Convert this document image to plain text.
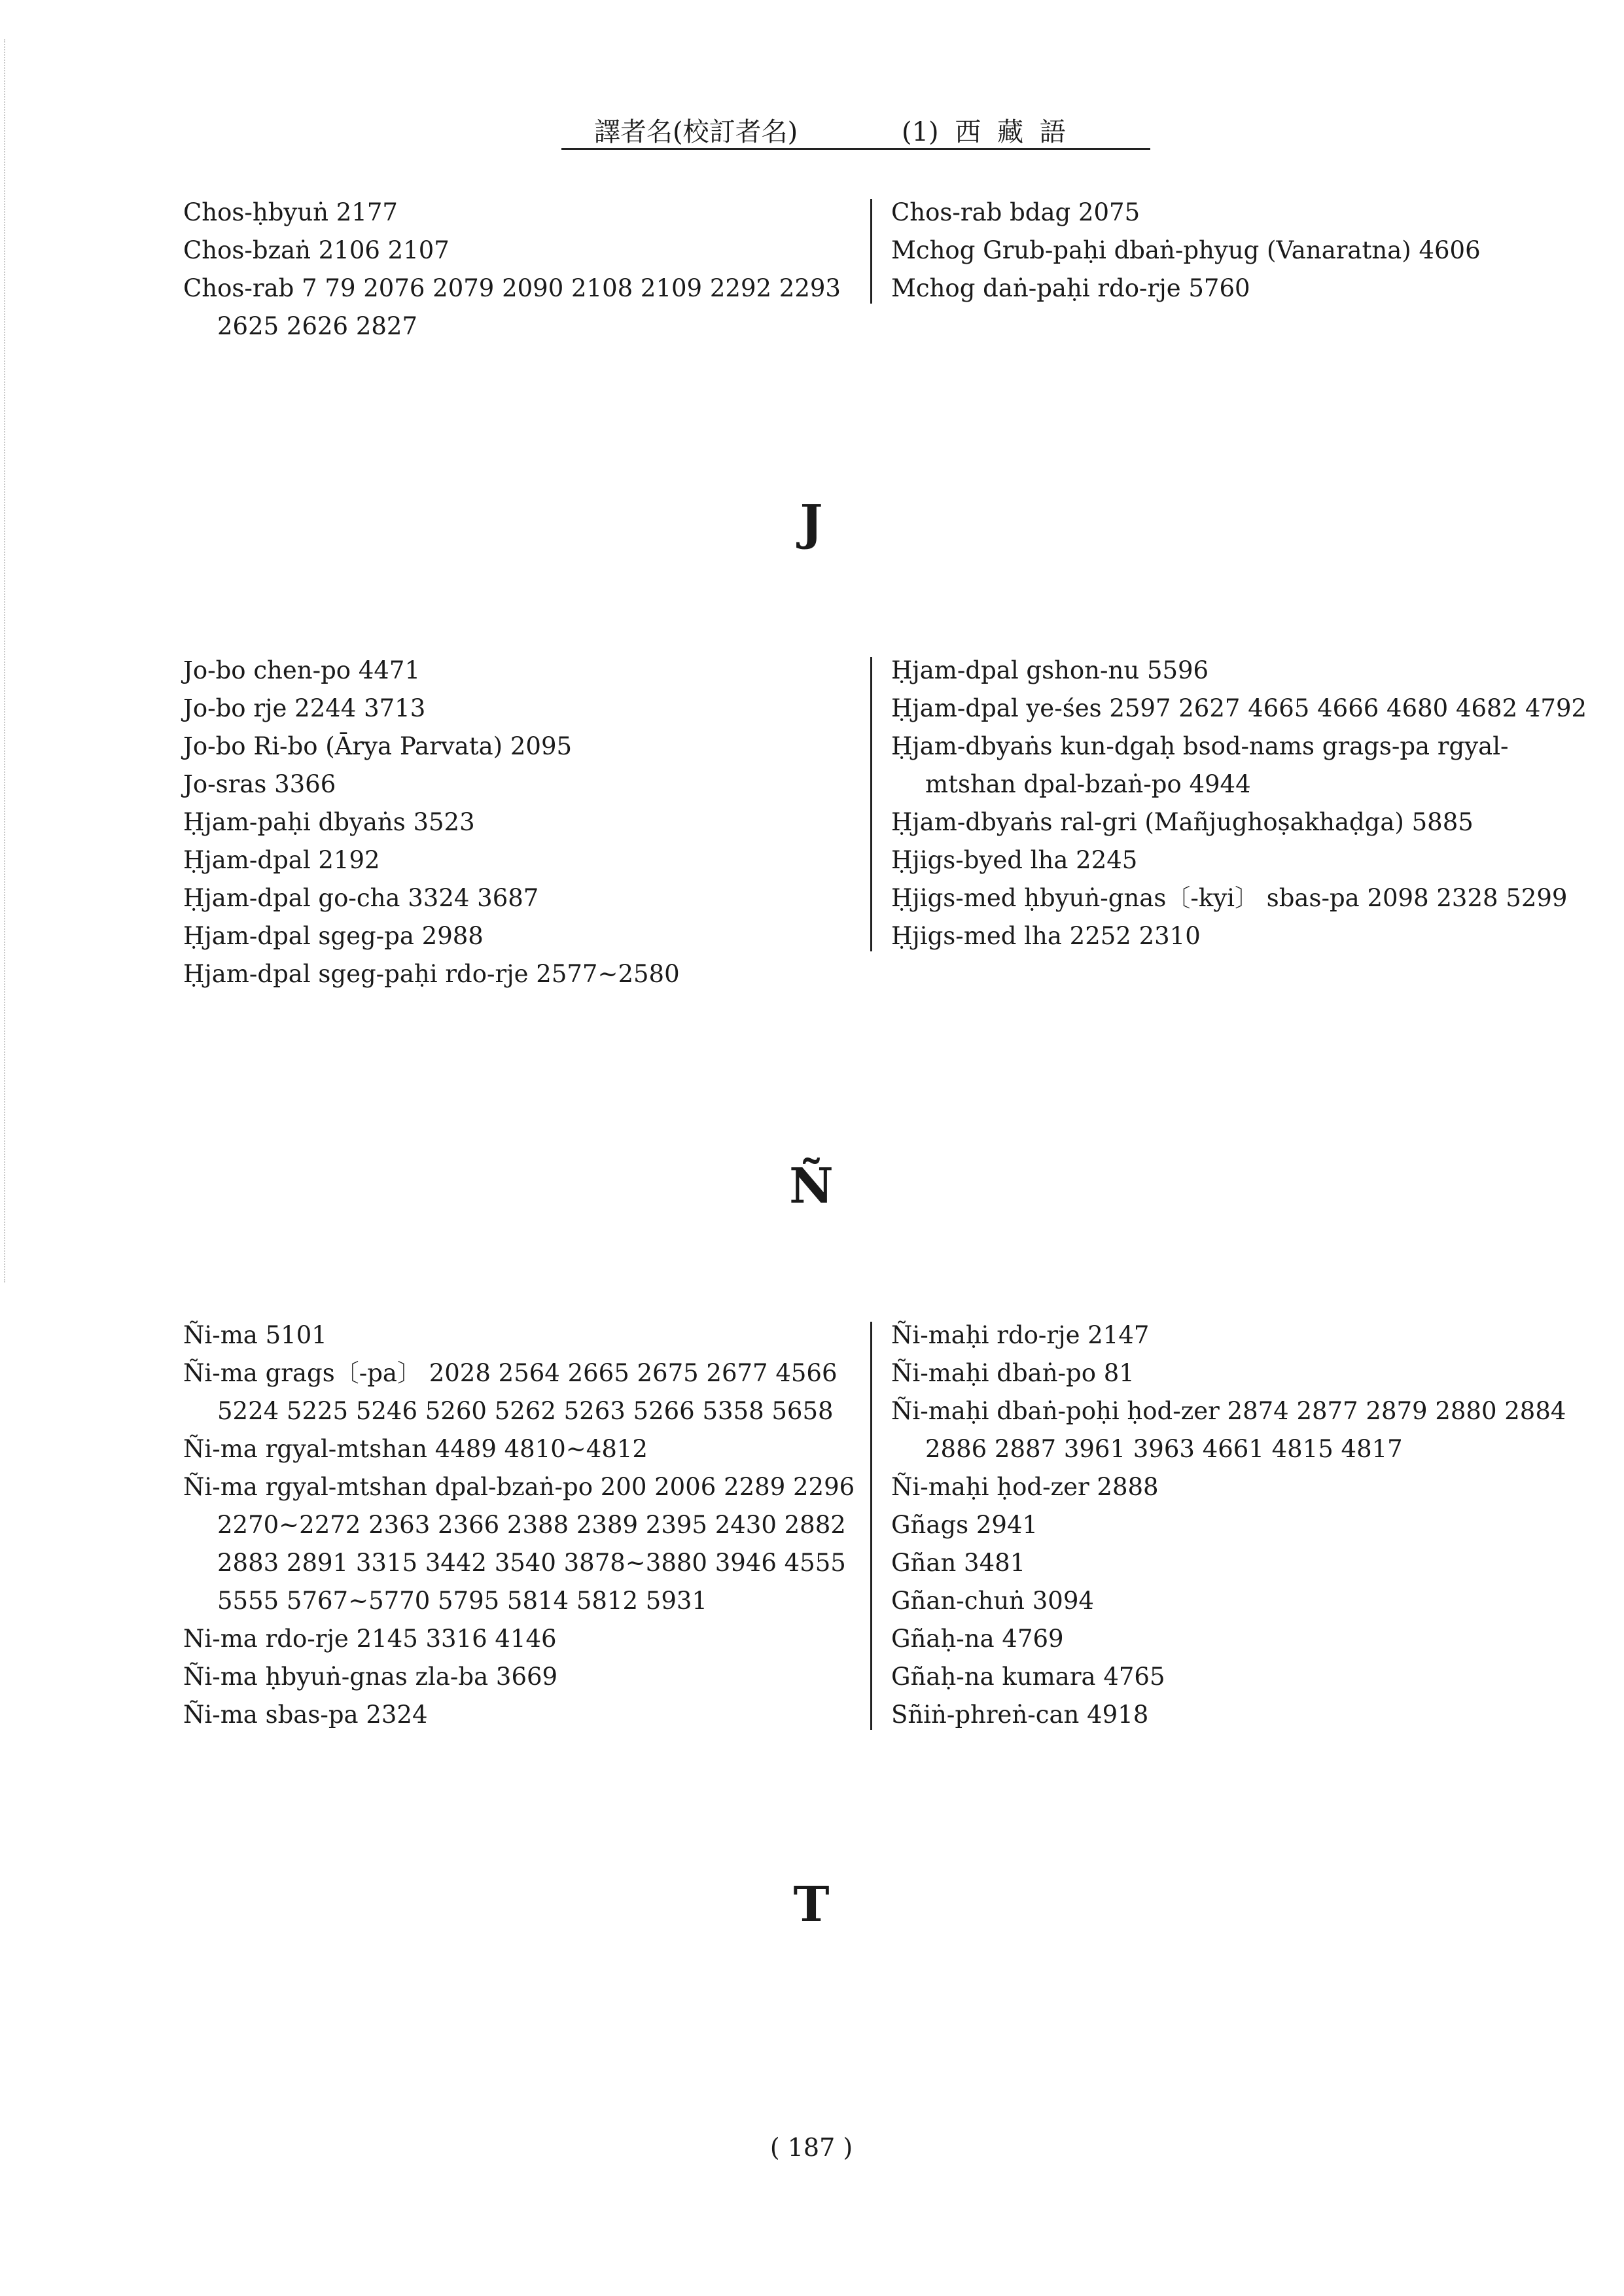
譯者名(校訂者名)	(1) 西 藏 語
Chos-ḥbyuṅ 2177
Chos-bzaṅ 2106 2107
Chos-rab 7 79 2076 2079 2090 2108 2109 2292 2293 2625 2626 2827
Chos-rab bdag 2075
Mchog Grub-paḥi dbaṅ-phyug (Vanaratna) 4606
Mchog daṅ-paḥi rdo-rje 5760
J
Jo-bo chen-po 4471
Jo-bo rje 2244 3713
Jo-bo Ri-bo (Ārya Parvata) 2095
Jo-sras 3366
Ḥjam-paḥi dbyaṅs 3523
Ḥjam-dpal 2192
Ḥjam-dpal go-cha 3324 3687
Ḥjam-dpal sgeg-pa 2988
Ḥjam-dpal sgeg-paḥi rdo-rje 2577~2580
Ḥjam-dpal gshon-nu 5596
Ḥjam-dpal ye-śes 2597 2627 4665 4666 4680 4682 4792
Ḥjam-dbyaṅs kun-dgaḥ bsod-nams grags-pa rgyal-mtshan dpal-bzaṅ-po 4944
Ḥjam-dbyaṅs ral-gri (Mañjughoṣakhaḍga) 5885
Ḥjigs-byed lha 2245
Ḥjigs-med ḥbyuṅ-gnas〔-kyi〕 sbas-pa 2098 2328 5299
Ḥjigs-med lha 2252 2310
Ñ
Ñi-ma 5101
Ñi-ma grags〔-pa〕 2028 2564 2665 2675 2677 4566 5224 5225 5246 5260 5262 5263 5266 5358 5658
Ñi-ma rgyal-mtshan 4489 4810~4812
Ñi-ma rgyal-mtshan dpal-bzaṅ-po 200 2006 2289 2296 2270~2272 2363 2366 2388 2389 2395 2430 2882 2883 2891 3315 3442 3540 3878~3880 3946 4555 5555 5767~5770 5795 5814 5812 5931
Ni-ma rdo-rje 2145 3316 4146
Ñi-ma ḥbyuṅ-gnas zla-ba 3669
Ñi-ma sbas-pa 2324
Ñi-maḥi rdo-rje 2147
Ñi-maḥi dbaṅ-po 81
Ñi-maḥi dbaṅ-poḥi ḥod-zer 2874 2877 2879 2880 2884 2886 2887 3961 3963 4661 4815 4817
Ñi-maḥi ḥod-zer 2888
Gñags 2941
Gñan 3481
Gñan-chuṅ 3094
Gñaḥ-na 4769
Gñaḥ-na kumara 4765
Sñiṅ-phreṅ-can 4918
T
( 187 )
